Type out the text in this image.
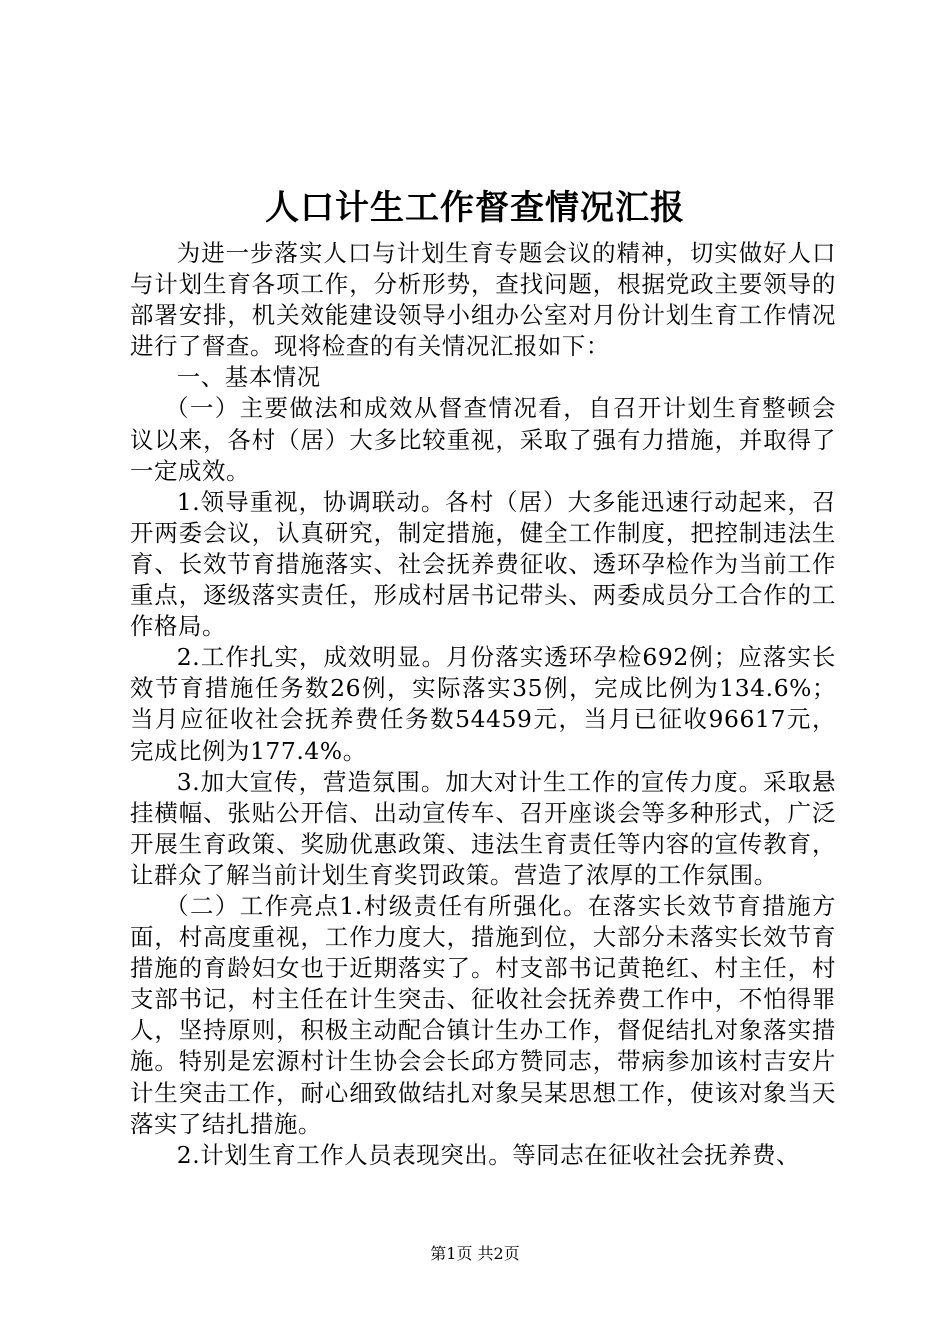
人口计生工作督查情况汇报

为进一步落实人口与计划生育专题会议的精神，切实做好人口与计划生育各项工作，分析形势，查找问题，根据党政主要领导的部署安排，机关效能建设领导小组办公室对月份计划生育工作情况进行了督查。现将检查的有关情况汇报如下：

一、基本情况

（一）主要做法和成效从督查情况看，自召开计划生育整顿会议以来，各村（居）大多比较重视，采取了强有力措施，并取得了一定成效。

1.领导重视，协调联动。各村（居）大多能迅速行动起来，召开两委会议，认真研究，制定措施，健全工作制度，把控制违法生育、长效节育措施落实、社会抚养费征收、透环孕检作为当前工作重点，逐级落实责任，形成村居书记带头、两委成员分工合作的工作格局。

2.工作扎实，成效明显。月份落实透环孕检692例；应落实长效节育措施任务数26例，实际落实35例，完成比例为134.6%；当月应征收社会抚养费任务数54459元，当月已征收96617元，完成比例为177.4%。

3.加大宣传，营造氛围。加大对计生工作的宣传力度。采取悬挂横幅、张贴公开信、出动宣传车、召开座谈会等多种形式，广泛开展生育政策、奖励优惠政策、违法生育责任等内容的宣传教育，让群众了解当前计划生育奖罚政策。营造了浓厚的工作氛围。

（二）工作亮点1.村级责任有所强化。在落实长效节育措施方面，村高度重视，工作力度大，措施到位，大部分未落实长效节育措施的育龄妇女也于近期落实了。村支部书记黄艳红、村主任，村支部书记，村主任在计生突击、征收社会抚养费工作中，不怕得罪人，坚持原则，积极主动配合镇计生办工作，督促结扎对象落实措施。特别是宏源村计生协会会长邱方赞同志，带病参加该村吉安片计生突击工作，耐心细致做结扎对象吴某思想工作，使该对象当天落实了结扎措施。

2.计划生育工作人员表现突出。等同志在征收社会抚养费、

第1页 共2页
